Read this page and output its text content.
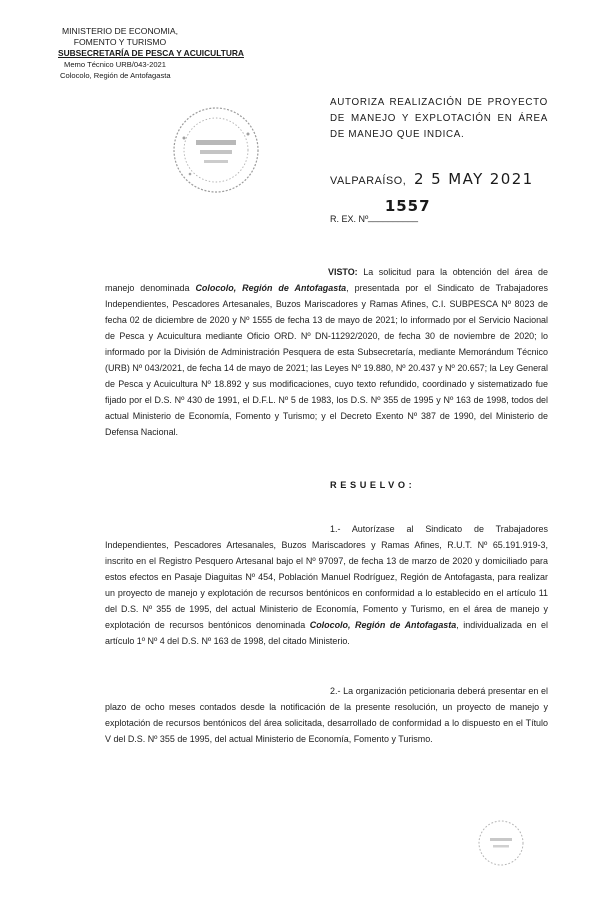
MINISTERIO DE ECONOMIA,
FOMENTO Y TURISMO
SUBSECRETARÍA DE PESCA Y ACUICULTURA
Memo Técnico URB/043-2021
Colocolo, Región de Antofagasta
AUTORIZA REALIZACIÓN DE PROYECTO DE MANEJO Y EXPLOTACIÓN EN ÁREA DE MANEJO QUE INDICA.
VALPARAÍSO, 2 5 MAY 2021
R. EX. Nº 1557
__________
VISTO: La solicitud para la obtención del área de manejo denominada Colocolo, Región de Antofagasta, presentada por el Sindicato de Trabajadores Independientes, Pescadores Artesanales, Buzos Mariscadores y Ramas Afines, C.I. SUBPESCA Nº 8023 de fecha 02 de diciembre de 2020 y Nº 1555 de fecha 13 de mayo de 2021; lo informado por el Servicio Nacional de Pesca y Acuicultura mediante Oficio ORD. Nº DN-11292/2020, de fecha 30 de noviembre de 2020; lo informado por la División de Administración Pesquera de esta Subsecretaría, mediante Memorándum Técnico (URB) Nº 043/2021, de fecha 14 de mayo de 2021; las Leyes Nº 19.880, Nº 20.437 y Nº 20.657; la Ley General de Pesca y Acuicultura Nº 18.892 y sus modificaciones, cuyo texto refundido, coordinado y sistematizado fue fijado por el D.S. Nº 430 de 1991, el D.F.L. Nº 5 de 1983, los D.S. Nº 355 de 1995 y Nº 163 de 1998, todos del actual Ministerio de Economía, Fomento y Turismo; y el Decreto Exento Nº 387 de 1990, del Ministerio de Defensa Nacional.
RESUELVO:
1.- Autorízase al Sindicato de Trabajadores Independientes, Pescadores Artesanales, Buzos Mariscadores y Ramas Afines, R.U.T. Nº 65.191.919-3, inscrito en el Registro Pesquero Artesanal bajo el Nº 97097, de fecha 13 de marzo de 2020 y domiciliado para estos efectos en Pasaje Diaguitas Nº 454, Población Manuel Rodríguez, Región de Antofagasta, para realizar un proyecto de manejo y explotación de recursos bentónicos en conformidad a lo establecido en el artículo 11 del D.S. Nº 355 de 1995, del actual Ministerio de Economía, Fomento y Turismo, en el área de manejo y explotación de recursos bentónicos denominada Colocolo, Región de Antofagasta, individualizada en el artículo 1º Nº 4 del D.S. Nº 163 de 1998, del citado Ministerio.
2.- La organización peticionaria deberá presentar en el plazo de ocho meses contados desde la notificación de la presente resolución, un proyecto de manejo y explotación de recursos bentónicos del área solicitada, desarrollado de conformidad a lo dispuesto en el Título V del D.S. Nº 355 de 1995, del actual Ministerio de Economía, Fomento y Turismo.
